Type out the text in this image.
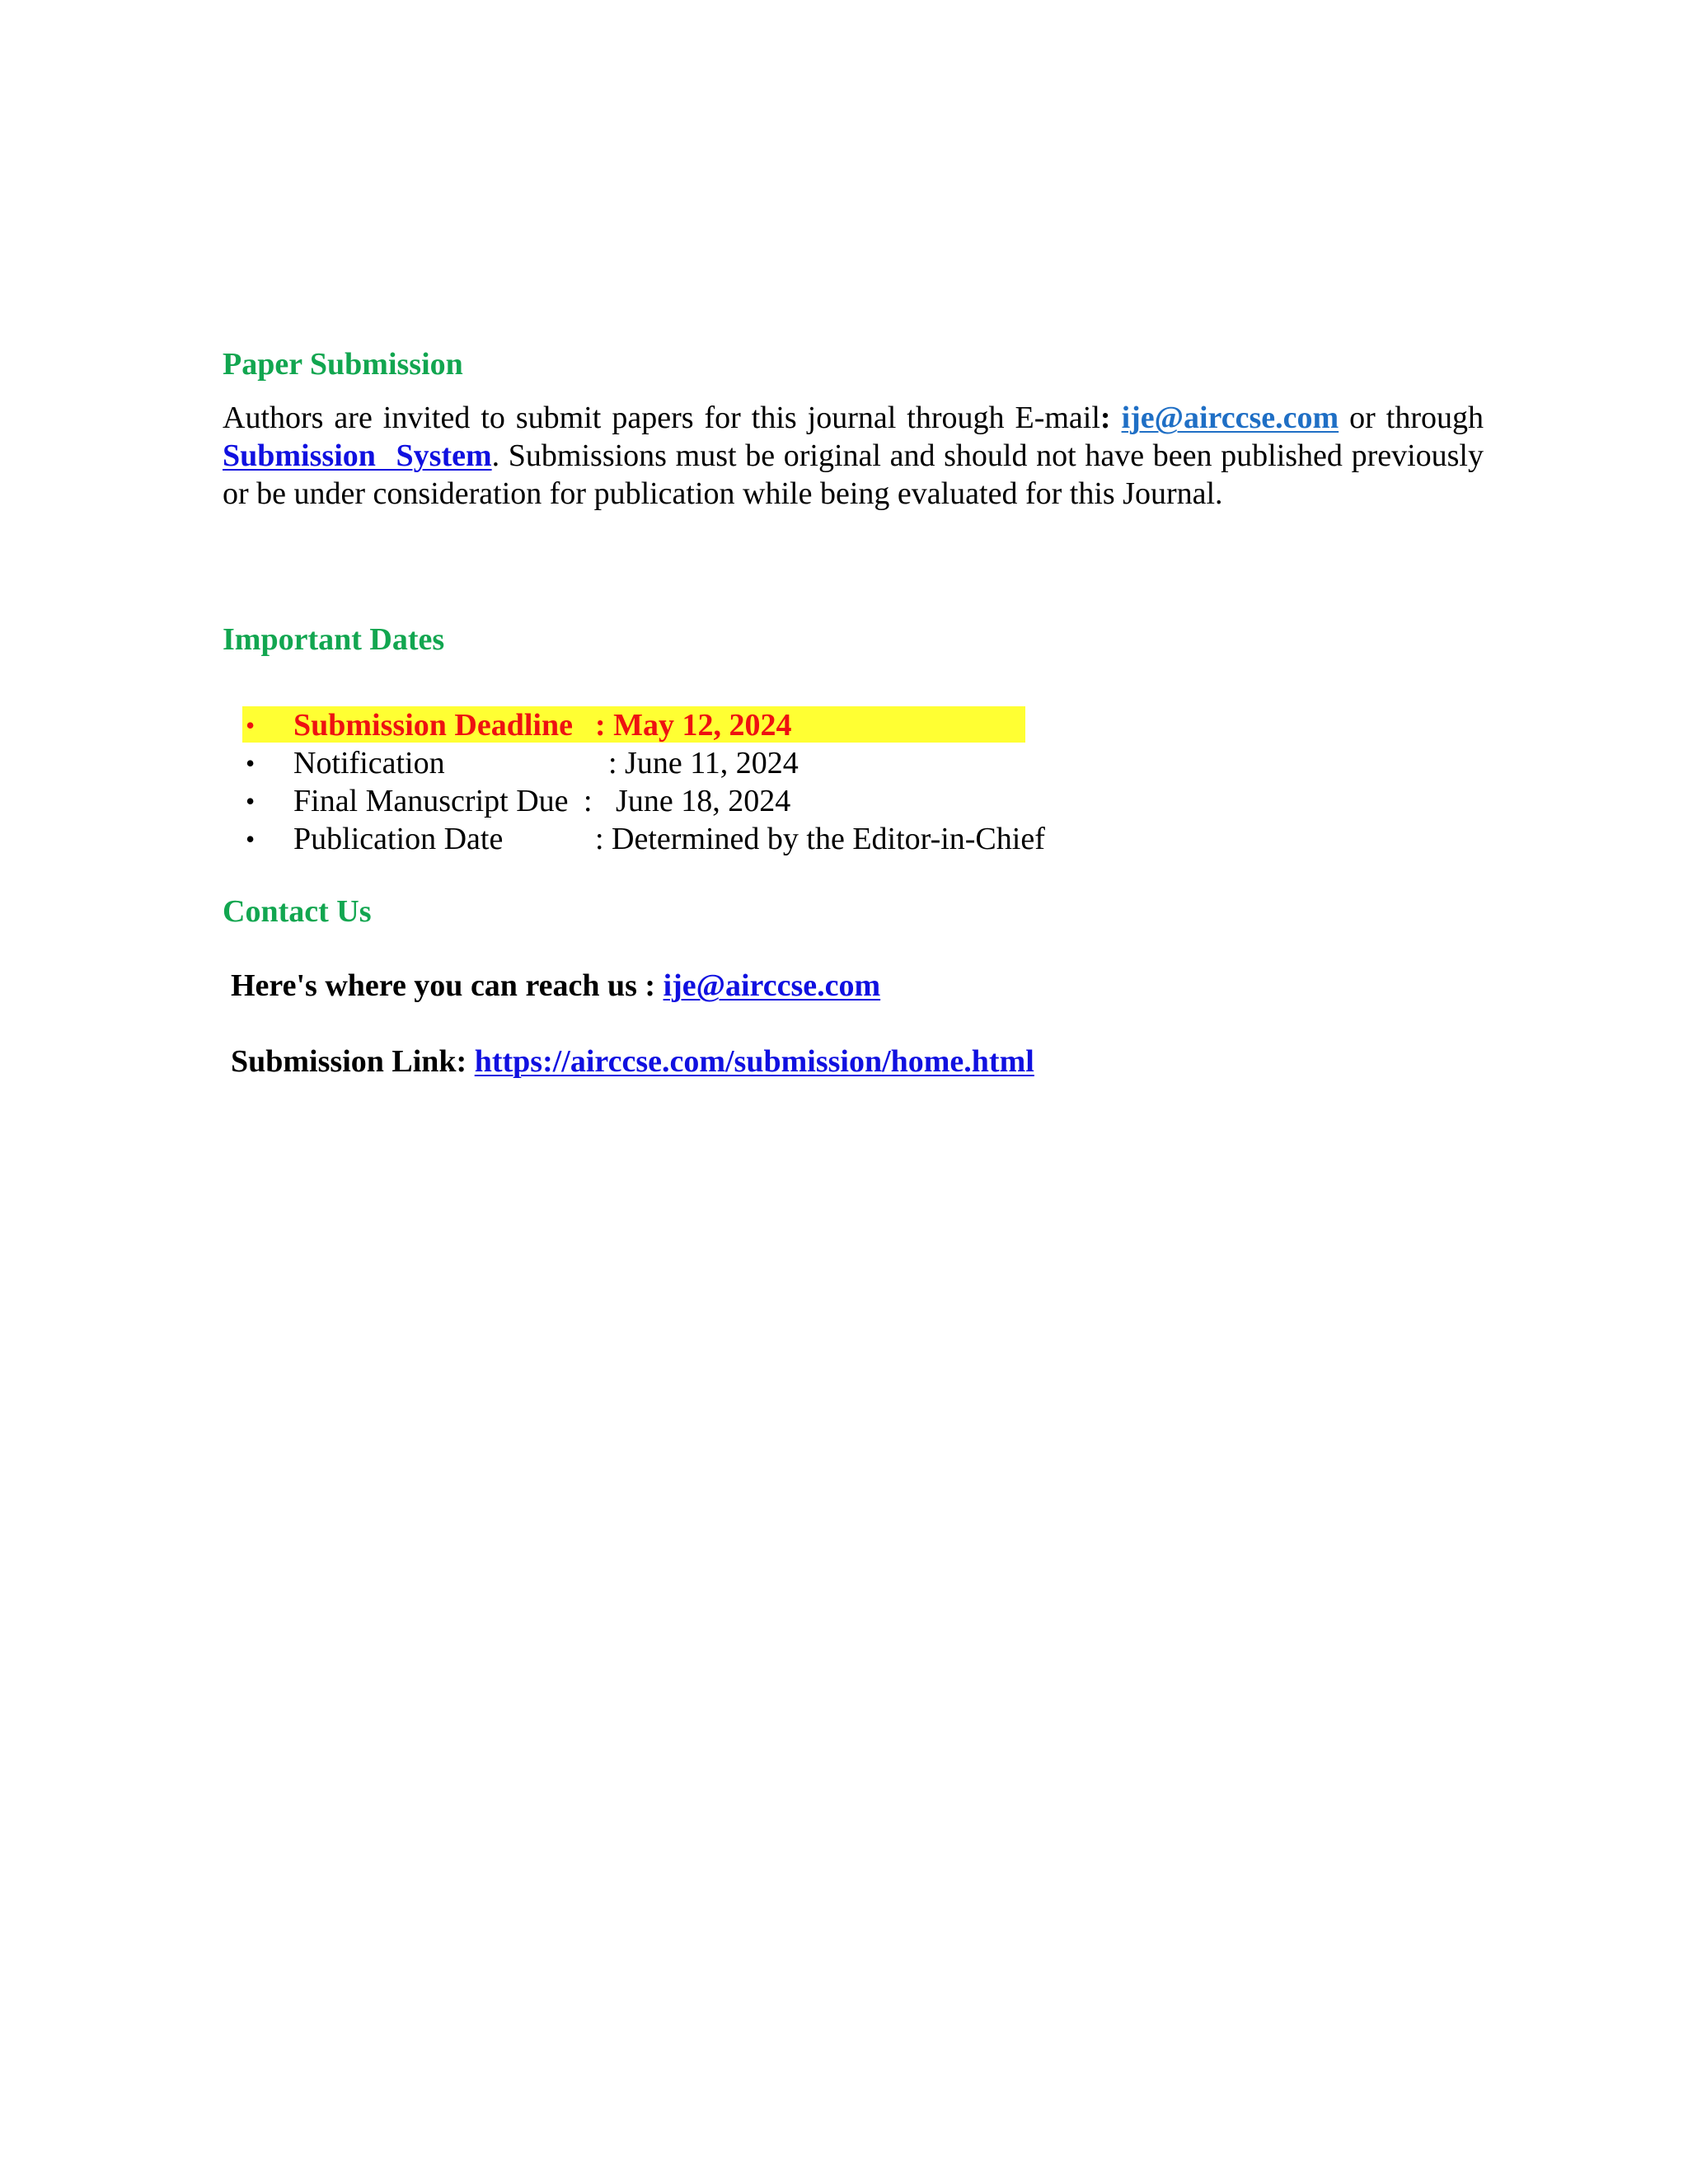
Paper Submission

Authors are invited to submit papers for this journal through E-mail: ije@airccse.com or through Submission System. Submissions must be original and should not have been published previously or be under consideration for publication while being evaluated for this Journal.

Important Dates
• Submission Deadline : May 12, 2024
• Notification	: June 11, 2024
• Final Manuscript Due :   June 18, 2024
• Publication Date	: Determined by the Editor-in-Chief
Contact Us
Here's where you can reach us : ije@airccse.com
Submission Link: https://airccse.com/submission/home.html
